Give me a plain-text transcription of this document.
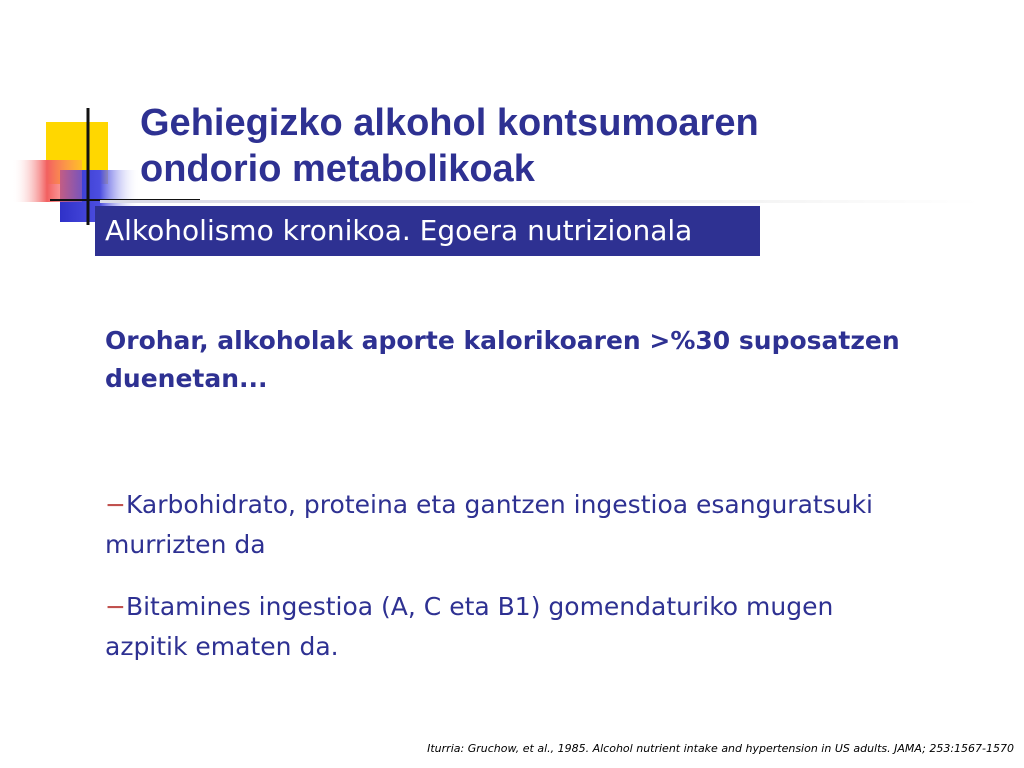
Gehiegizko alkohol kontsumoaren
ondorio metabolikoak
Alkoholismo kronikoa. Egoera nutrizionala

Orohar, alkoholak aporte kalorikoaren >%30 suposatzen
duenetan...

−Karbohidrato, proteina eta gantzen ingestioa esanguratsuki
murrizten da

−Bitamines ingestioa (A, C eta B1) gomendaturiko mugen
azpitik ematen da.

Iturria: Gruchow, et al., 1985. Alcohol nutrient intake and hypertension in US adults. JAMA; 253:1567-1570
